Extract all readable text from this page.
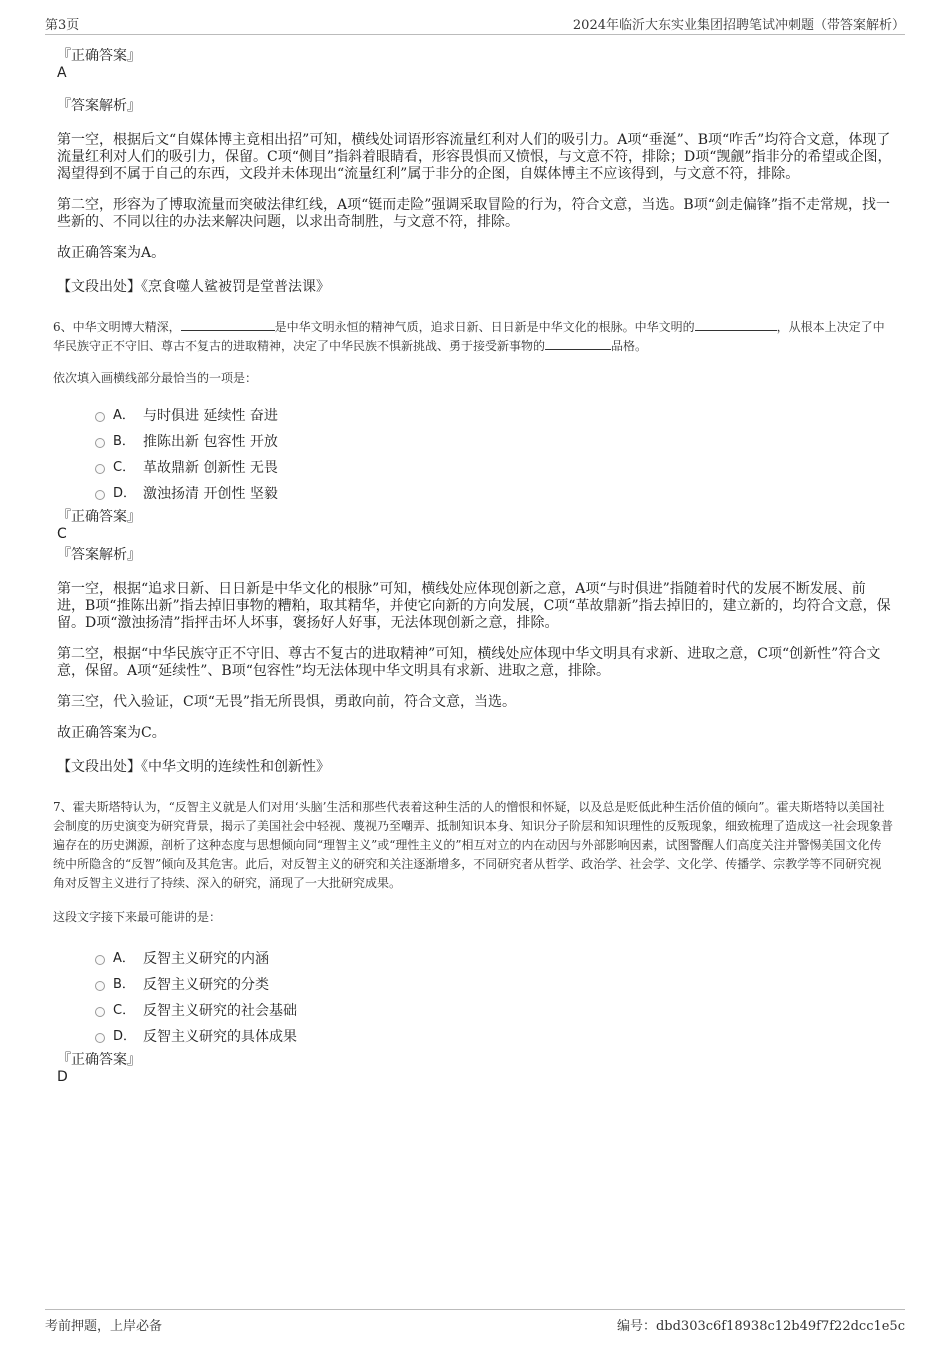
第3页	2024年临沂大东实业集团招聘笔试冲刺题（带答案解析）
『正确答案』
A
『答案解析』

第一空，根据后文“自媒体博主竟相出招”可知，横线处词语形容流量红利对人们的吸引力。A项“垂涎”、B项“咋舌”均符合文意，体现了流量红利对人们的吸引力，保留。C项“侧目”指斜着眼睛看，形容畏惧而又愤恨，与文意不符，排除；D项“觊觎”指非分的希望或企图，渴望得到不属于自己的东西，文段并未体现出“流量红利”属于非分的企图，自媒体博主不应该得到，与文意不符，排除。

第二空，形容为了博取流量而突破法律红线，A项“铤而走险”强调采取冒险的行为，符合文意，当选。B项“剑走偏锋”指不走常规，找一些新的、不同以往的办法来解决问题，以求出奇制胜，与文意不符，排除。

故正确答案为A。

【文段出处】《烹食噬人鲨被罚是堂普法课》
6、中华文明博大精深，	是中华文明永恒的精神气质，追求日新、日日新是中华文化的根脉。中华文明的	，从根本上决定了中华民族守正不守旧、尊古不复古的进取精神，决定了中华民族不惧新挑战、勇于接受新事物的	品格。
依次填入画横线部分最恰当的一项是：
A． 与时俱进 延续性 奋进
B． 推陈出新 包容性 开放
C． 革故鼎新 创新性 无畏
D． 激浊扬清 开创性 坚毅
『正确答案』
C
『答案解析』

第一空，根据“追求日新、日日新是中华文化的根脉”可知，横线处应体现创新之意，A项“与时俱进”指随着时代的发展不断发展、前进，B项“推陈出新”指去掉旧事物的糟粕，取其精华，并使它向新的方向发展，C项“革故鼎新”指去掉旧的，建立新的，均符合文意，保留。D项“激浊扬清”指抨击坏人坏事，褒扬好人好事，无法体现创新之意，排除。

第二空，根据“中华民族守正不守旧、尊古不复古的进取精神”可知，横线处应体现中华文明具有求新、进取之意，C项“创新性”符合文意，保留。A项“延续性”、B项“包容性”均无法体现中华文明具有求新、进取之意，排除。

第三空，代入验证，C项“无畏”指无所畏惧，勇敢向前，符合文意，当选。

故正确答案为C。

【文段出处】《中华文明的连续性和创新性》
7、霍夫斯塔特认为，“反智主义就是人们对用‘头脑’生活和那些代表着这种生活的人的憎恨和怀疑，以及总是贬低此种生活价值的倾向”。霍夫斯塔特以美国社会制度的历史演变为研究背景，揭示了美国社会中轻视、蔑视乃至嘲弄、抵制知识本身、知识分子阶层和知识理性的反叛现象，细致梳理了造成这一社会现象普遍存在的历史渊源，剖析了这种态度与思想倾向同“理智主义”或“理性主义的”相互对立的内在动因与外部影响因素，试图警醒人们高度关注并警惕美国文化传统中所隐含的“反智”倾向及其危害。此后，对反智主义的研究和关注逐渐增多，不同研究者从哲学、政治学、社会学、文化学、传播学、宗教学等不同研究视角对反智主义进行了持续、深入的研究，涌现了一大批研究成果。
这段文字接下来最可能讲的是：
A． 反智主义研究的内涵
B． 反智主义研究的分类
C． 反智主义研究的社会基础
D． 反智主义研究的具体成果
『正确答案』
D
考前押题，上岸必备	编号：dbd303c6f18938c12b49f7f22dcc1e5c
